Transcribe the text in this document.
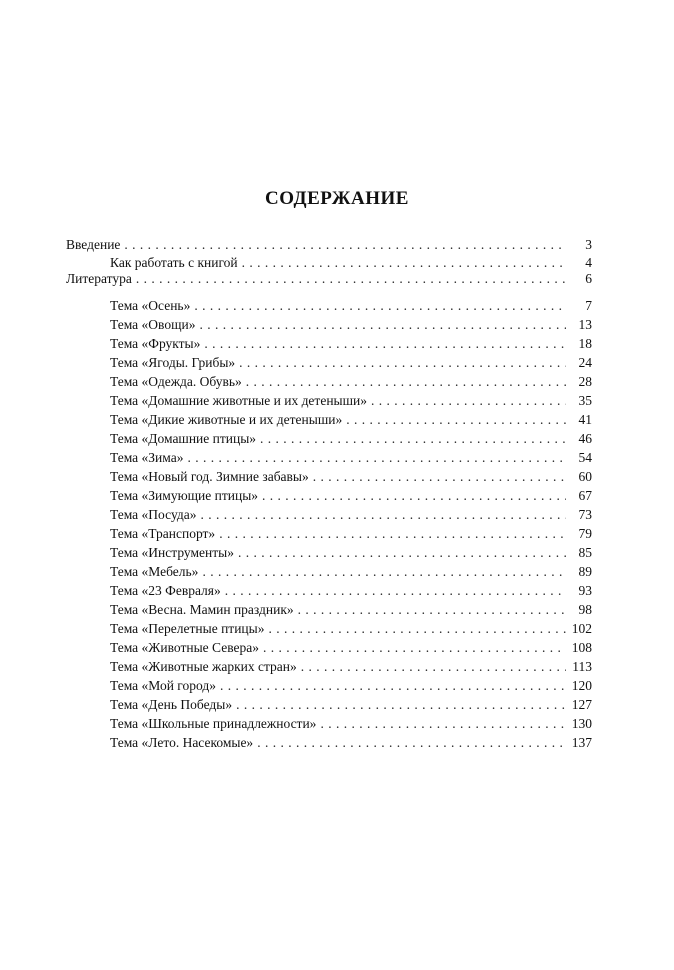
СОДЕРЖАНИЕ
Введение . . .	3
Как работать с книгой . . .	4
Литература . . .	6
Тема «Осень» . . .	7
Тема «Овощи» . . .	13
Тема «Фрукты» . . .	18
Тема «Ягоды. Грибы» . . .	24
Тема «Одежда. Обувь» . . .	28
Тема «Домашние животные и их детеныши» . . .	35
Тема «Дикие животные и их детеныши» . . .	41
Тема «Домашние птицы» . . .	46
Тема «Зима» . . .	54
Тема «Новый год. Зимние забавы» . . .	60
Тема «Зимующие птицы» . . .	67
Тема «Посуда» . . .	73
Тема «Транспорт» . . .	79
Тема «Инструменты» . . .	85
Тема «Мебель» . . .	89
Тема «23 Февраля» . . .	93
Тема «Весна. Мамин праздник» . . .	98
Тема «Перелетные птицы» . . .	102
Тема «Животные Севера» . . .	108
Тема «Животные жарких стран» . . .	113
Тема «Мой город» . . .	120
Тема «День Победы» . . .	127
Тема «Школьные принадлежности» . . .	130
Тема «Лето. Насекомые» . . .	137
